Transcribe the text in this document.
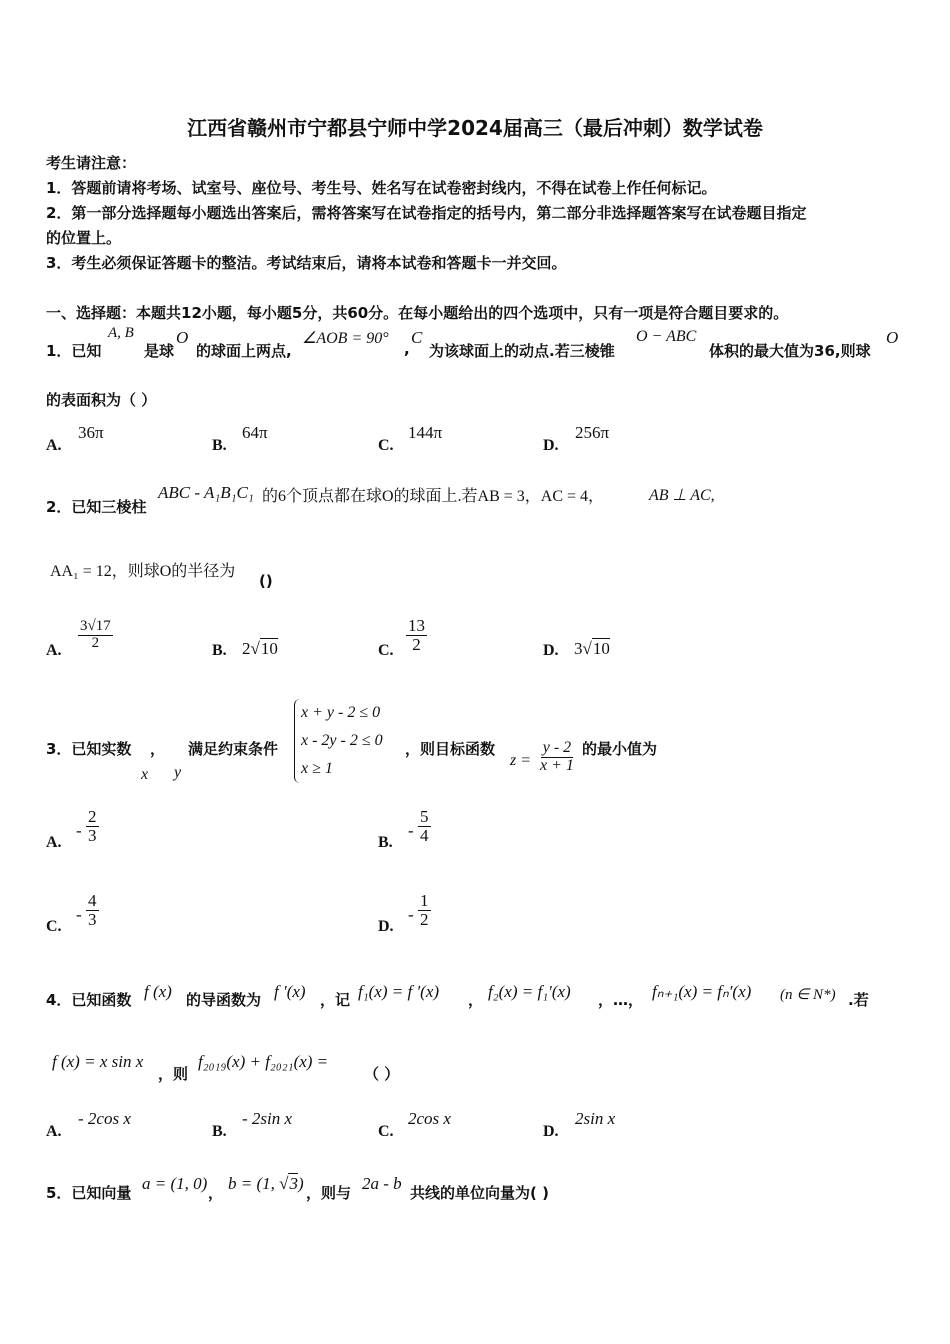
江西省赣州市宁都县宁师中学2024届高三（最后冲刺）数学试卷
考生请注意：
1．答题前请将考场、试室号、座位号、考生号、姓名写在试卷密封线内，不得在试卷上作任何标记。
2．第一部分选择题每小题选出答案后，需将答案写在试卷指定的括号内，第二部分非选择题答案写在试卷题目指定
的位置上。
3．考生必须保证答题卡的整洁。考试结束后，请将本试卷和答题卡一并交回。
一、选择题：本题共12小题，每小题5分，共60分。在每小题给出的四个选项中，只有一项是符合题目要求的。
1．已知
A, B
是球
O
的球面上两点,
∠AOB = 90°
,
C
为该球面上的动点.若三棱锥
O − ABC
体积的最大值为36,则球
O
的表面积为（ ）
A.
36π
B.
64π
C.
144π
D.
256π
2．已知三棱柱
ABC - A₁B₁C₁ 的6个顶点都在球O的球面上.若AB = 3，AC = 4，	AB ⊥ AC,
AA₁ = 12，则球O的半径为
()
A. $\frac{3√17}{2}$	B. 2√10	C. $\frac{13}{2}$	D. 3√10
3．已知实数 ， 满足约束条件
x y
x + y - 2 ≤ 0
x - 2y - 2 ≤ 0
x ≥ 1
，则目标函数
$z = \frac{y - 2}{x + 1}$ 的最小值为
A.
- $\frac{2}{3}$	B.
- $\frac{5}{4}$
C.
- $\frac{4}{3}$	D.
- $\frac{1}{2}$
4．已知函数 f (x) 的导函数为 f ′(x) ，记 f₁(x) = f ′(x) ， f₂(x) = f₁′(x) ，…， fₙ₊₁(x) = fₙ′(x) (n ∈ N*) .若
f (x) = x sin x
，则
f₂₀₁₉(x) + f₂₀₂₁(x) =
（ ）
A.
- 2cos x
B.
- 2sin x
C.
2cos x
D.
2sin x
5．已知向量 a = (1, 0) ， b = (1, √3) ，则与 2a - b 共线的单位向量为( )
